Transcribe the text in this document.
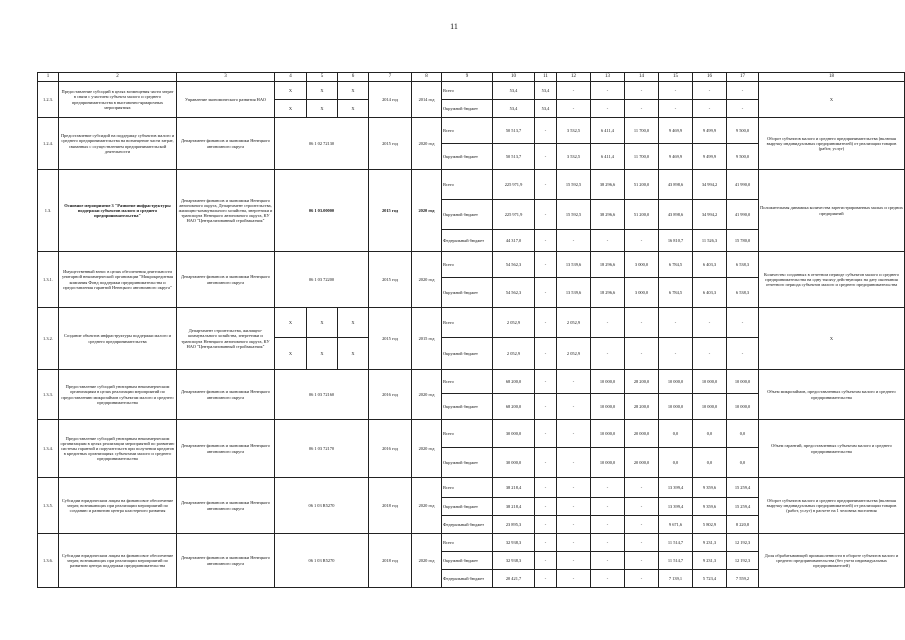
11
1	2	3	4	5	6	7	8	9	10	11	12	13	14	15	16	17	18
1.2.3.	Предоставление субсидий в целях возмещения части затрат в связи с участием субъекта малого и среднего предпринимательства в выставочно-ярмарочных мероприятиях	Управление экономического развития НАО	X	X	X	2014 год	2014 год	Всего	53,4	53,4	-	-	-	-	-	-	X
			X	X	X			Окружной бюджет	53,4	53,4	-	-	-	-	-	-	
1.2.4.	Предоставление субсидий на поддержку субъектов малого и среднего предпринимательства на возмещение части затрат, связанных с осуществлением предпринимательской деятельности	Департамент финансов и экономики Ненецкого автономного округа	06 1 02 72130			2015 год	2020 год	Всего	50 513,7	-	3 532,5	6 411,4	11 700,0	9 469,9	9 499,9	9 500,0	Оборот субъектов малого и среднего предпринимательства (включая выручку индивидуальных предпринимателей) от реализации товаров (работ, услуг)
								Окружной бюджет	50 513,7	-	3 532,5	6 411,4	11 700,0	9 469,9	9 499,9	9 500,0	
1.3.	Основное мероприятие 3 "Развитие инфраструктуры поддержки субъектов малого и среднего предпринимательства"	Департамент финансов и экономики Ненецкого автономного округа, Департамент строительства, жилищно-коммунального хозяйства, энергетики и транспорта Ненецкого автономного округа, КУ НАО "Централизованный стройзаказчик"	06 1 03.00000			2015 год	2020 год	Всего	225 971,9	-	15 592,5	38 296,6	51 200,0	43 898,6	34 994,2	41 990,0	Положительная динамика количества зарегистрированных малых и средних предприятий
								Окружной бюджет	225 971,9	-	15 592,5	38 296,6	51 200,0	43 898,6	34 994,2	41 990,0	
								Федеральный бюджет	44 317,0	-	-	-	-	16 810,7	11 526,3	15 780,0	
1.3.1.	Имущественный взнос в целях обеспечения деятельности унитарной некоммерческой организации "Микрокредитная компания Фонд поддержки предпринимательства и предоставления гарантий Ненецкого автономного округа"	Департамент финансов и экономики Ненецкого автономного округа	06 1 03 72200			2015 год	2020 год	Всего	54 562,3	-	13 539,6	18 296,6	3 000,0	6 784,5	6 403,3	6 538,3	Количество созданных в отчетном периоде субъектов малого и среднего предпринимательства на одну тысячу действующих на дату окончания отчетного периода субъектов малого и среднего предпринимательства
								Окружной бюджет	54 562,3	-	13 539,6	18 296,6	3 000,0	6 784,5	6 403,3	6 538,3	
1.3.2.	Создание объектов инфраструктуры поддержки малого и среднего предпринимательства	Департамент строительства, жилищно-коммунального хозяйства, энергетики и транспорта Ненецкого автономного округа, КУ НАО "Централизованный стройзаказчик"	X	X	X	2015 год	2015 год	Всего	2 052,9	-	2 052,9	-	-	-	-	-	X
			X	X	X			Окружной бюджет	2 052,9	-	2 052,9	-	-	-	-	-	
1.3.3.	Предоставление субсидий унитарным некоммерческим организациям в целях реализации мероприятий по предоставлению микрозаймов субъектам малого и среднего предпринимательства	Департамент финансов и экономики Ненецкого автономного округа	06 1 03 72160			2016 год	2020 год	Всего	68 200,0	-	-	10 000,0	28 200,0	10 000,0	10 000,0	10 000,0	Объем микрозаймов, предоставленных субъектам малого и среднего предпринимательства
								Окружной бюджет	68 200,0	-	-	10 000,0	28 200,0	10 000,0	10 000,0	10 000,0	
1.3.4.	Предоставление субсидий унитарным некоммерческим организациям в целях реализации мероприятий по развитию системы гарантий и поручительств при получении кредитов в кредитных организациях субъектами малого и среднего предпринимательства	Департамент финансов и экономики Ненецкого автономного округа	06 1 03 72170			2016 год	2020 год	Всего	30 000,0	-	-	10 000,0	20 000,0	0,0	0,0	0,0	Объем гарантий, предоставленных субъектам малого и среднего предпринимательства
								Окружной бюджет	30 000,0	-	-	10 000,0	20 000,0	0,0	0,0	0,0	
1.3.5.	Субсидии юридическим лицам на финансовое обеспечение затрат, возникающих при реализации мероприятий по созданию и развитию центра кластерного развития	Департамент финансов и экономики Ненецкого автономного округа	06 1 03 R5270			2018 год	2020 год	Всего	38 218,4	-	-	-	-	13 399,4	9 359,6	15 259,4	Оборот субъектов малого и среднего предпринимательства (включая выручку индивидуальных предпринимателей) от реализации товаров (работ, услуг) в расчете на 1 человека населения
								Окружной бюджет	38 218,4	-	-	-	-	13 399,4	9 359,6	15 259,4	
								Федеральный бюджет	23 895,3	-	-	-	-	9 671,6	5 802,9	8 220,8	
1.3.6.	Субсидии юридическим лицам на финансовое обеспечение затрат, возникающих при реализации мероприятий по развитию центра поддержки предпринимательства	Департамент финансов и экономики Ненецкого автономного округа	06 1 03 R5270			2018 год	2020 год	Всего	32 938,3	-	-	-	-	11 514,7	9 231,3	12 192,3	Доля обрабатывающей промышленности в обороте субъектов малого и среднего предпринимательства (без учета индивидуальных предпринимателей)
								Окружной бюджет	32 938,3	-	-	-	-	11 514,7	9 231,3	12 192,3	
								Федеральный бюджет	20 421,7	-	-	-	-	7 139,1	5 723,4	7 559,2	
